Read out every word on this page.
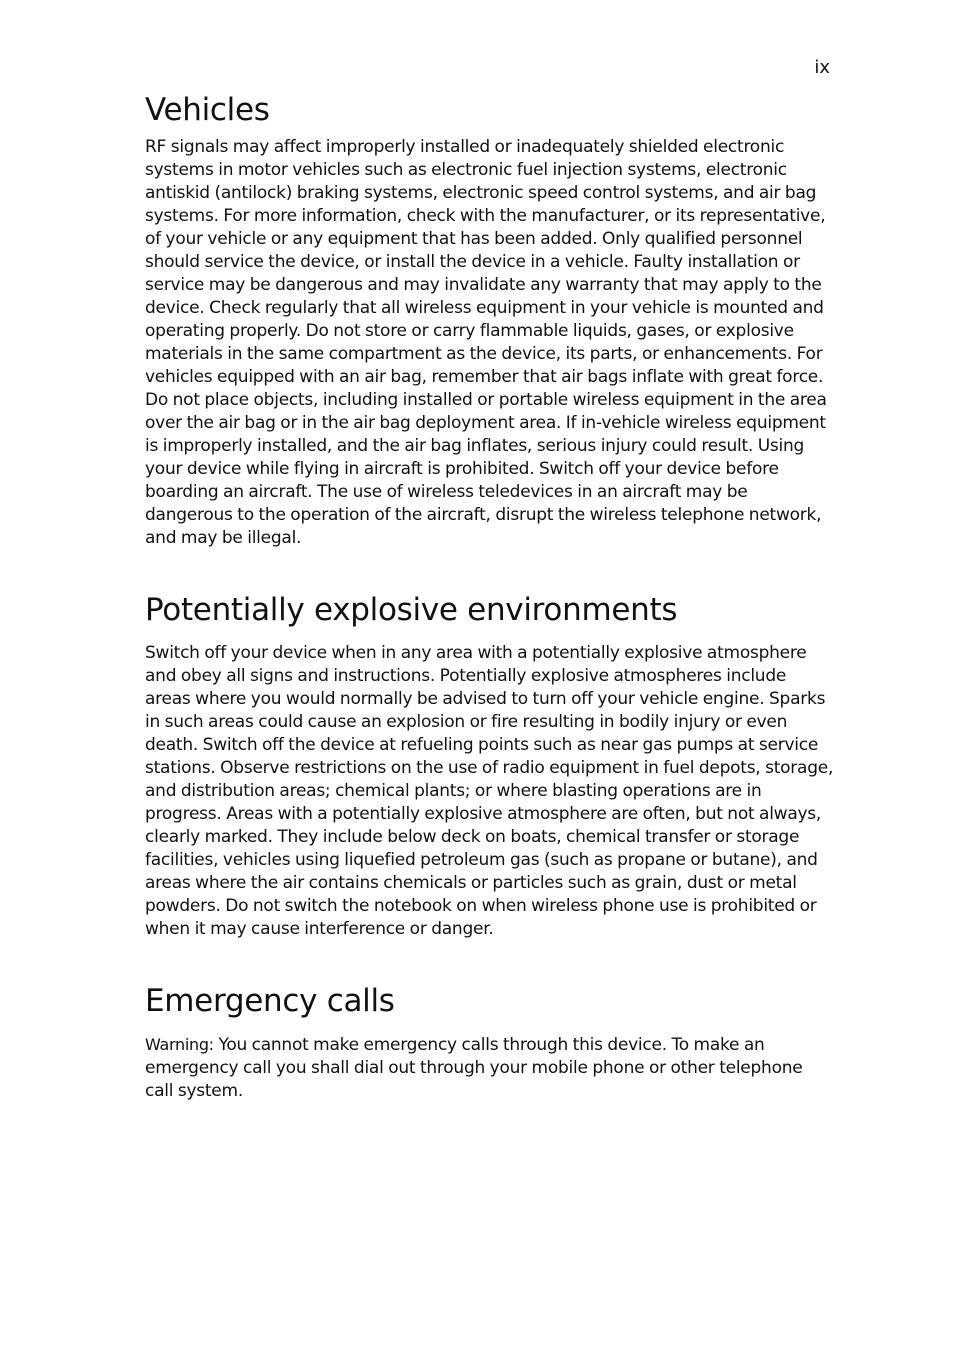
ix
Vehicles

RF signals may affect improperly installed or inadequately shielded electronic systems in motor vehicles such as electronic fuel injection systems, electronic antiskid (antilock) braking systems, electronic speed control systems, and air bag systems. For more information, check with the manufacturer, or its representative, of your vehicle or any equipment that has been added. Only qualified personnel should service the device, or install the device in a vehicle. Faulty installation or service may be dangerous and may invalidate any warranty that may apply to the device. Check regularly that all wireless equipment in your vehicle is mounted and operating properly. Do not store or carry flammable liquids, gases, or explosive materials in the same compartment as the device, its parts, or enhancements. For vehicles equipped with an air bag, remember that air bags inflate with great force. Do not place objects, including installed or portable wireless equipment in the area over the air bag or in the air bag deployment area. If in-vehicle wireless equipment is improperly installed, and the air bag inflates, serious injury could result. Using your device while flying in aircraft is prohibited. Switch off your device before boarding an aircraft. The use of wireless teledevices in an aircraft may be dangerous to the operation of the aircraft, disrupt the wireless telephone network, and may be illegal.

Potentially explosive environments

Switch off your device when in any area with a potentially explosive atmosphere and obey all signs and instructions. Potentially explosive atmospheres include areas where you would normally be advised to turn off your vehicle engine. Sparks in such areas could cause an explosion or fire resulting in bodily injury or even death. Switch off the device at refueling points such as near gas pumps at service stations. Observe restrictions on the use of radio equipment in fuel depots, storage, and distribution areas; chemical plants; or where blasting operations are in progress. Areas with a potentially explosive atmosphere are often, but not always, clearly marked. They include below deck on boats, chemical transfer or storage facilities, vehicles using liquefied petroleum gas (such as propane or butane), and areas where the air contains chemicals or particles such as grain, dust or metal powders. Do not switch the notebook on when wireless phone use is prohibited or when it may cause interference or danger.

Emergency calls

Warning: You cannot make emergency calls through this device. To make an emergency call you shall dial out through your mobile phone or other telephone call system.
